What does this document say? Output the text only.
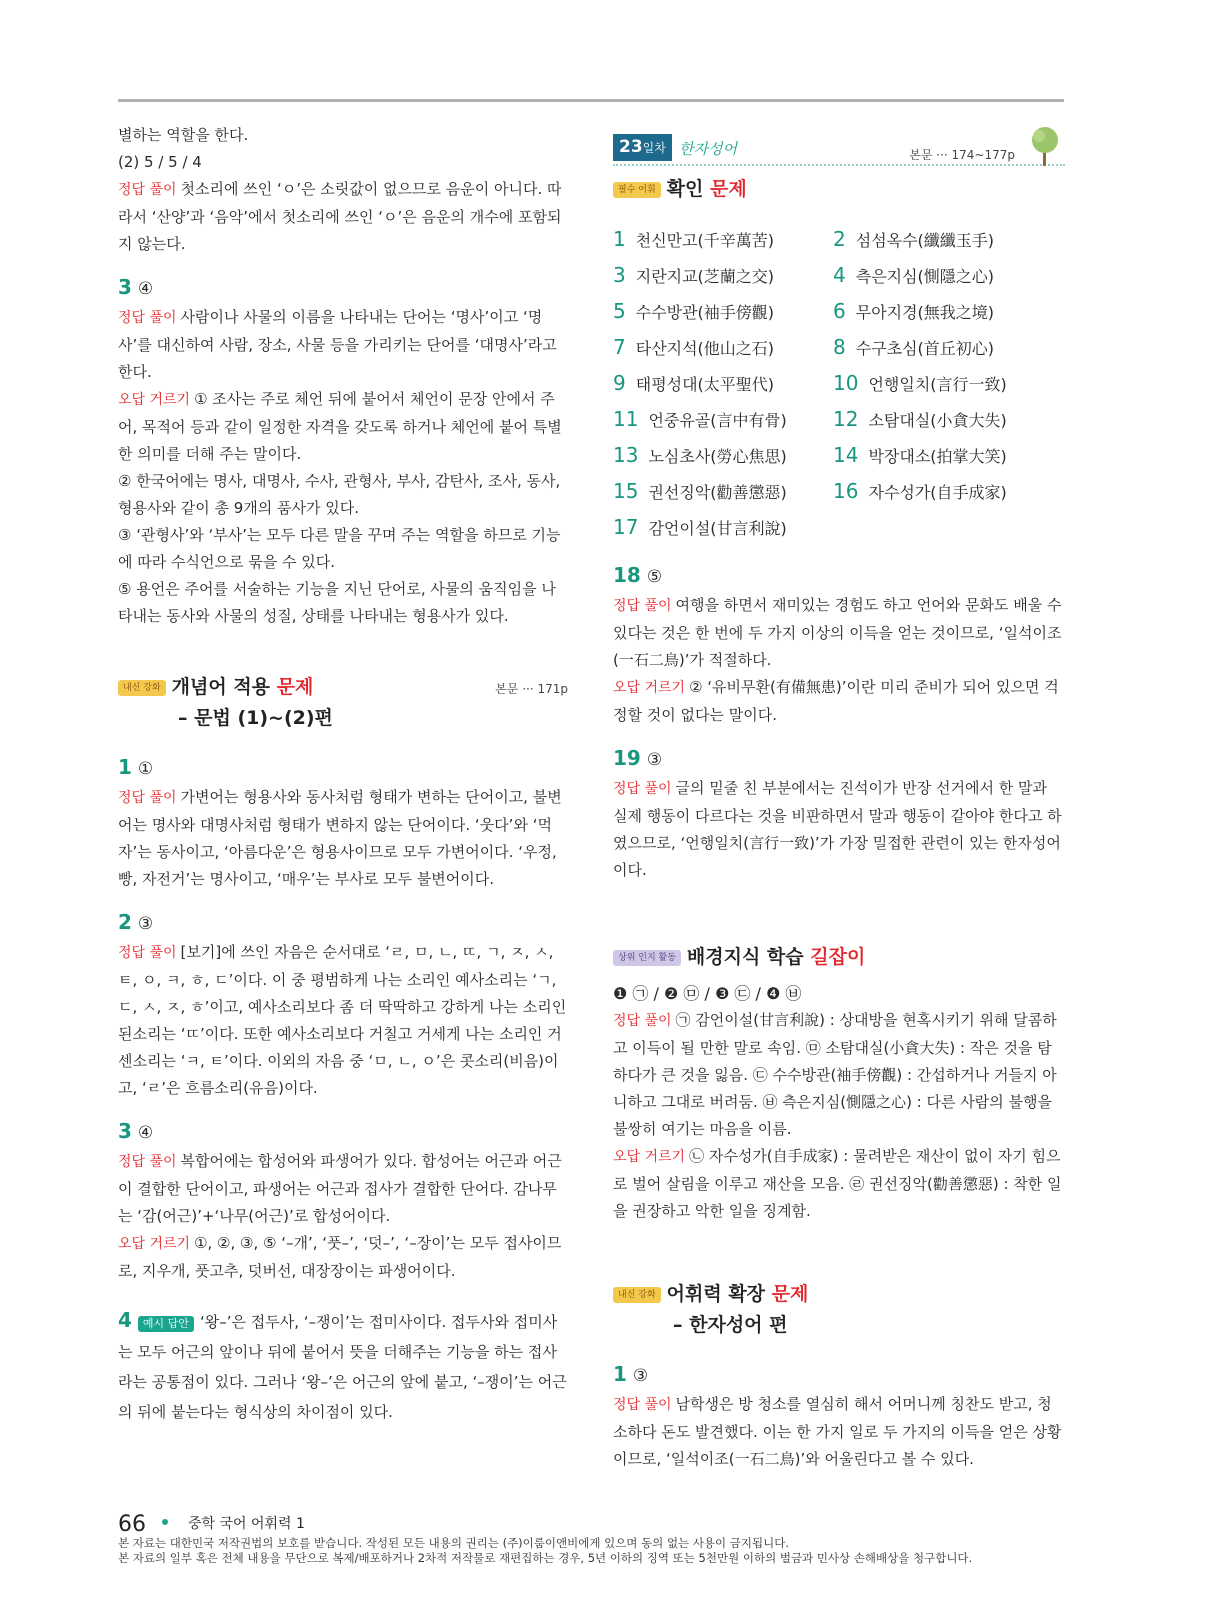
별하는 역할을 한다.

(2) 5 / 5 / 4

정답 풀이 첫소리에 쓰인 ‘ㅇ’은 소릿값이 없으므로 음운이 아니다. 따라서 ‘산양’과 ‘음악’에서 첫소리에 쓰인 ‘ㅇ’은 음운의 개수에 포함되지 않는다.

3 ④

정답 풀이 사람이나 사물의 이름을 나타내는 단어는 ‘명사’이고 ‘명사’를 대신하여 사람, 장소, 사물 등을 가리키는 단어를 ‘대명사’라고 한다.

오답 거르기 ① 조사는 주로 체언 뒤에 붙어서 체언이 문장 안에서 주어, 목적어 등과 같이 일정한 자격을 갖도록 하거나 체언에 붙어 특별한 의미를 더해 주는 말이다.

② 한국어에는 명사, 대명사, 수사, 관형사, 부사, 감탄사, 조사, 동사, 형용사와 같이 총 9개의 품사가 있다.

③ ‘관형사’와 ‘부사’는 모두 다른 말을 꾸며 주는 역할을 하므로 기능에 따라 수식언으로 묶을 수 있다.

⑤ 용언은 주어를 서술하는 기능을 지닌 단어로, 사물의 움직임을 나타내는 동사와 사물의 성질, 상태를 나타내는 형용사가 있다.

내신 강화 개념어 적용 문제
– 문법 (1)~(2)편
본문 ··· 171p

1 ①

정답 풀이 가변어는 형용사와 동사처럼 형태가 변하는 단어이고, 불변어는 명사와 대명사처럼 형태가 변하지 않는 단어이다. ‘웃다’와 ‘먹자’는 동사이고, ‘아름다운’은 형용사이므로 모두 가변어이다. ‘우정, 빵, 자전거’는 명사이고, ‘매우’는 부사로 모두 불변어이다.

2 ③

정답 풀이 [보기]에 쓰인 자음은 순서대로 ‘ㄹ, ㅁ, ㄴ, ㄸ, ㄱ, ㅈ, ㅅ, ㅌ, ㅇ, ㅋ, ㅎ, ㄷ’이다. 이 중 평범하게 나는 소리인 예사소리는 ‘ㄱ, ㄷ, ㅅ, ㅈ, ㅎ’이고, 예사소리보다 좀 더 딱딱하고 강하게 나는 소리인 된소리는 ‘ㄸ’이다. 또한 예사소리보다 거칠고 거세게 나는 소리인 거센소리는 ‘ㅋ, ㅌ’이다. 이외의 자음 중 ‘ㅁ, ㄴ, ㅇ’은 콧소리(비음)이고, ‘ㄹ’은 흐름소리(유음)이다.

3 ④

정답 풀이 복합어에는 합성어와 파생어가 있다. 합성어는 어근과 어근이 결합한 단어이고, 파생어는 어근과 접사가 결합한 단어다. 감나무는 ‘감(어근)’+‘나무(어근)’로 합성어이다.

오답 거르기 ①, ②, ③, ⑤ ‘–개’, ‘풋–’, ‘덧–’, ‘–장이’는 모두 접사이므로, 지우개, 풋고추, 덧버선, 대장장이는 파생어이다.

4 예시 답안 ‘왕–’은 접두사, ‘–쟁이’는 접미사이다. 접두사와 접미사는 모두 어근의 앞이나 뒤에 붙어서 뜻을 더해주는 기능을 하는 접사라는 공통점이 있다. 그러나 ‘왕–’은 어근의 앞에 붙고, ‘–쟁이’는 어근의 뒤에 붙는다는 형식상의 차이점이 있다.

23일차 한자성어	본문 ··· 174~177p
필수 어휘 확인 문제
1 천신만고(千辛萬苦)	2 섬섬옥수(纖纖玉手)
3 지란지교(芝蘭之交)	4 측은지심(惻隱之心)
5 수수방관(袖手傍觀)	6 무아지경(無我之境)
7 타산지석(他山之石)	8 수구초심(首丘初心)
9 태평성대(太平聖代)	10 언행일치(言行一致)
11 언중유골(言中有骨)	12 소탐대실(小貪大失)
13 노심초사(勞心焦思)	14 박장대소(拍掌大笑)
15 권선징악(勸善懲惡)	16 자수성가(自手成家)
17 감언이설(甘言利說)

18 ⑤

정답 풀이 여행을 하면서 재미있는 경험도 하고 언어와 문화도 배울 수 있다는 것은 한 번에 두 가지 이상의 이득을 얻는 것이므로, ‘일석이조(一石二鳥)’가 적절하다.

오답 거르기 ② ‘유비무환(有備無患)’이란 미리 준비가 되어 있으면 걱정할 것이 없다는 말이다.

19 ③

정답 풀이 글의 밑줄 친 부분에서는 진석이가 반장 선거에서 한 말과 실제 행동이 다르다는 것을 비판하면서 말과 행동이 같아야 한다고 하였으므로, ‘언행일치(言行一致)’가 가장 밀접한 관련이 있는 한자성어이다.

상위 인지 활동 배경지식 학습 길잡이

❶ ㉠ / ❷ ㉤ / ❸ ㉢ / ❹ ㉥

정답 풀이 ㉠ 감언이설(甘言利說) : 상대방을 현혹시키기 위해 달콤하고 이득이 될 만한 말로 속임. ㉤ 소탐대실(小貪大失) : 작은 것을 탐하다가 큰 것을 잃음. ㉢ 수수방관(袖手傍觀) : 간섭하거나 거들지 아니하고 그대로 버려둠. ㉥ 측은지심(惻隱之心) : 다른 사람의 불행을 불쌍히 여기는 마음을 이름.

오답 거르기 ㉡ 자수성가(自手成家) : 물려받은 재산이 없이 자기 힘으로 벌어 살림을 이루고 재산을 모음. ㉣ 권선징악(勸善懲惡) : 착한 일을 권장하고 악한 일을 징계함.

내신 강화 어휘력 확장 문제
– 한자성어 편

1 ③

정답 풀이 남학생은 방 청소를 열심히 해서 어머니께 칭찬도 받고, 청소하다 돈도 발견했다. 이는 한 가지 일로 두 가지의 이득을 얻은 상황이므로, ‘일석이조(一石二鳥)’와 어울린다고 볼 수 있다.

66	중학 국어 어휘력 1
본 자료는 대한민국 저작권법의 보호를 받습니다. 작성된 모든 내용의 권리는 (주)이룸이앤비에게 있으며 동의 없는 사용이 금지됩니다.
본 자료의 일부 혹은 전체 내용을 무단으로 복제/배포하거나 2차적 저작물로 재편집하는 경우, 5년 이하의 징역 또는 5천만원 이하의 벌금과 민사상 손해배상을 청구합니다.
